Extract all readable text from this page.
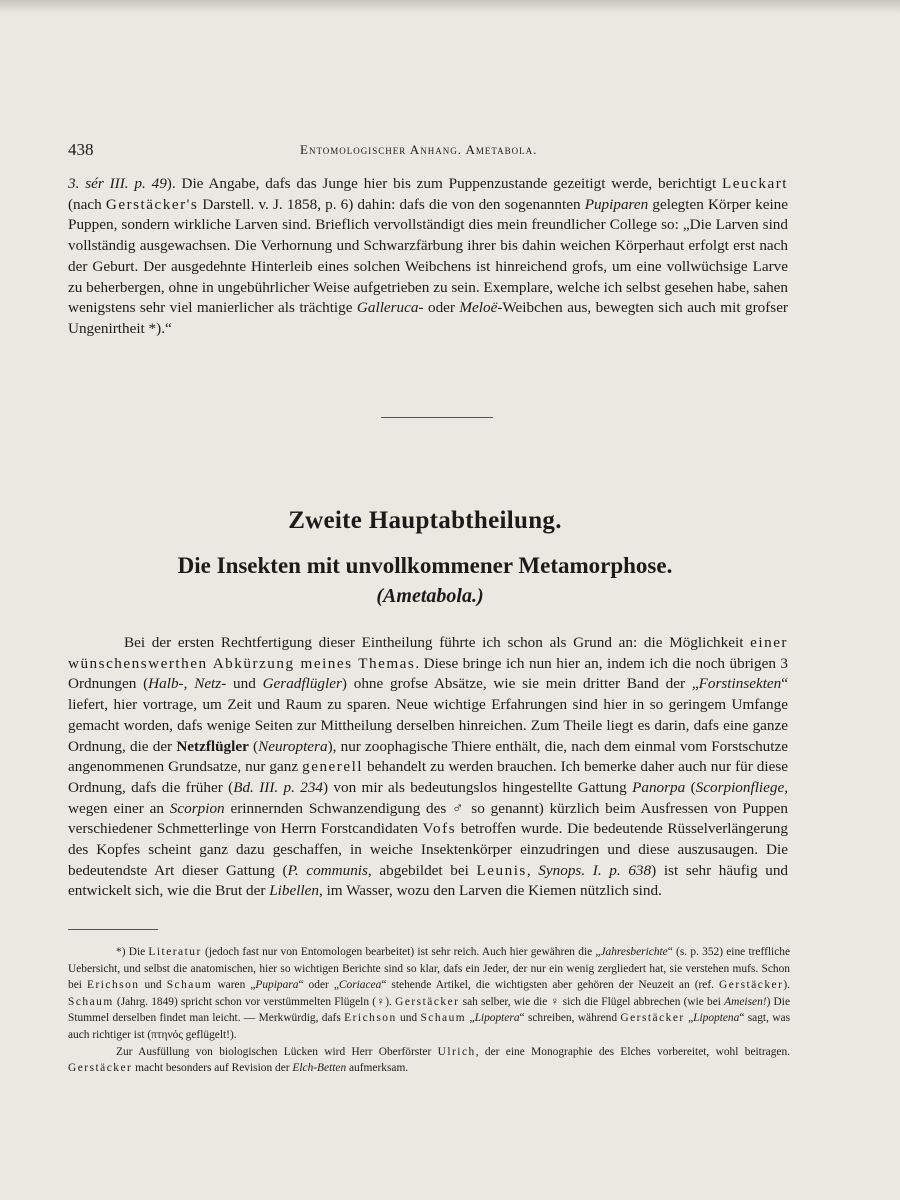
438	Entomologischer Anhang. Ametabola.

3. sér III. p. 49). Die Angabe, dafs das Junge hier bis zum Puppenzustande gezeitigt werde, berichtigt Leuckart (nach Gerstäcker's Darstell. v. J. 1858, p. 6) dahin: dafs die von den sogenannten Pupiparen gelegten Körper keine Puppen, sondern wirkliche Larven sind. Brieflich vervollständigt dies mein freundlicher College so: „Die Larven sind vollständig ausgewachsen. Die Verhornung und Schwarzfärbung ihrer bis dahin weichen Körperhaut erfolgt erst nach der Geburt. Der ausgedehnte Hinterleib eines solchen Weibchens ist hinreichend grofs, um eine vollwüchsige Larve zu beherbergen, ohne in ungebührlicher Weise aufgetrieben zu sein. Exemplare, welche ich selbst gesehen habe, sahen wenigstens sehr viel manierlicher als trächtige Galleruca- oder Meloë-Weibchen aus, bewegten sich auch mit grofser Ungenirtheit *).“

Zweite Hauptabtheilung.
Die Insekten mit unvollkommener Metamorphose.
(Ametabola.)

Bei der ersten Rechtfertigung dieser Eintheilung führte ich schon als Grund an: die Möglichkeit einer wünschenswerthen Abkürzung meines Themas. Diese bringe ich nun hier an, indem ich die noch übrigen 3 Ordnungen (Halb-, Netz- und Geradflügler) ohne grofse Absätze, wie sie mein dritter Band der „Forstinsekten“ liefert, hier vortrage, um Zeit und Raum zu sparen. Neue wichtige Erfahrungen sind hier in so geringem Umfange gemacht worden, dafs wenige Seiten zur Mittheilung derselben hinreichen. Zum Theile liegt es darin, dafs eine ganze Ordnung, die der Netzflügler (Neuroptera), nur zoophagische Thiere enthält, die, nach dem einmal vom Forstschutze angenommenen Grundsatze, nur ganz generell behandelt zu werden brauchen. Ich bemerke daher auch nur für diese Ordnung, dafs die früher (Bd. III. p. 234) von mir als bedeutungslos hingestellte Gattung Panorpa (Scorpionfliege, wegen einer an Scorpion erinnernden Schwanzendigung des ♂ so genannt) kürzlich beim Ausfressen von Puppen verschiedener Schmetterlinge von Herrn Forstcandidaten Vofs betroffen wurde. Die bedeutende Rüsselverlängerung des Kopfes scheint ganz dazu geschaffen, in weiche Insektenkörper einzudringen und diese auszusaugen. Die bedeutendste Art dieser Gattung (P. communis, abgebildet bei Leunis, Synops. I. p. 638) ist sehr häufig und entwickelt sich, wie die Brut der Libellen, im Wasser, wozu den Larven die Kiemen nützlich sind.

*) Die Literatur (jedoch fast nur von Entomologen bearbeitet) ist sehr reich. Auch hier gewähren die „Jahresberichte“ (s. p. 352) eine treffliche Uebersicht, und selbst die anatomischen, hier so wichtigen Berichte sind so klar, dafs ein Jeder, der nur ein wenig zergliedert hat, sie verstehen mufs. Schon bei Erichson und Schaum waren „Pupipara“ oder „Coriacea“ stehende Artikel, die wichtigsten aber gehören der Neuzeit an (ref. Gerstäcker). Schaum (Jahrg. 1849) spricht schon vor verstümmelten Flügeln (♀). Gerstäcker sah selber, wie die ♀ sich die Flügel abbrechen (wie bei Ameisen!) Die Stummel derselben findet man leicht. — Merkwürdig, dafs Erichson und Schaum „Lipoptera“ schreiben, während Gerstäcker „Lipoptena“ sagt, was auch richtiger ist (πτηνός geflügelt!).

Zur Ausfüllung von biologischen Lücken wird Herr Oberförster Ulrich, der eine Monographie des Elches vorbereitet, wohl beitragen. Gerstäcker macht besonders auf Revision der Elch-Betten aufmerksam.
